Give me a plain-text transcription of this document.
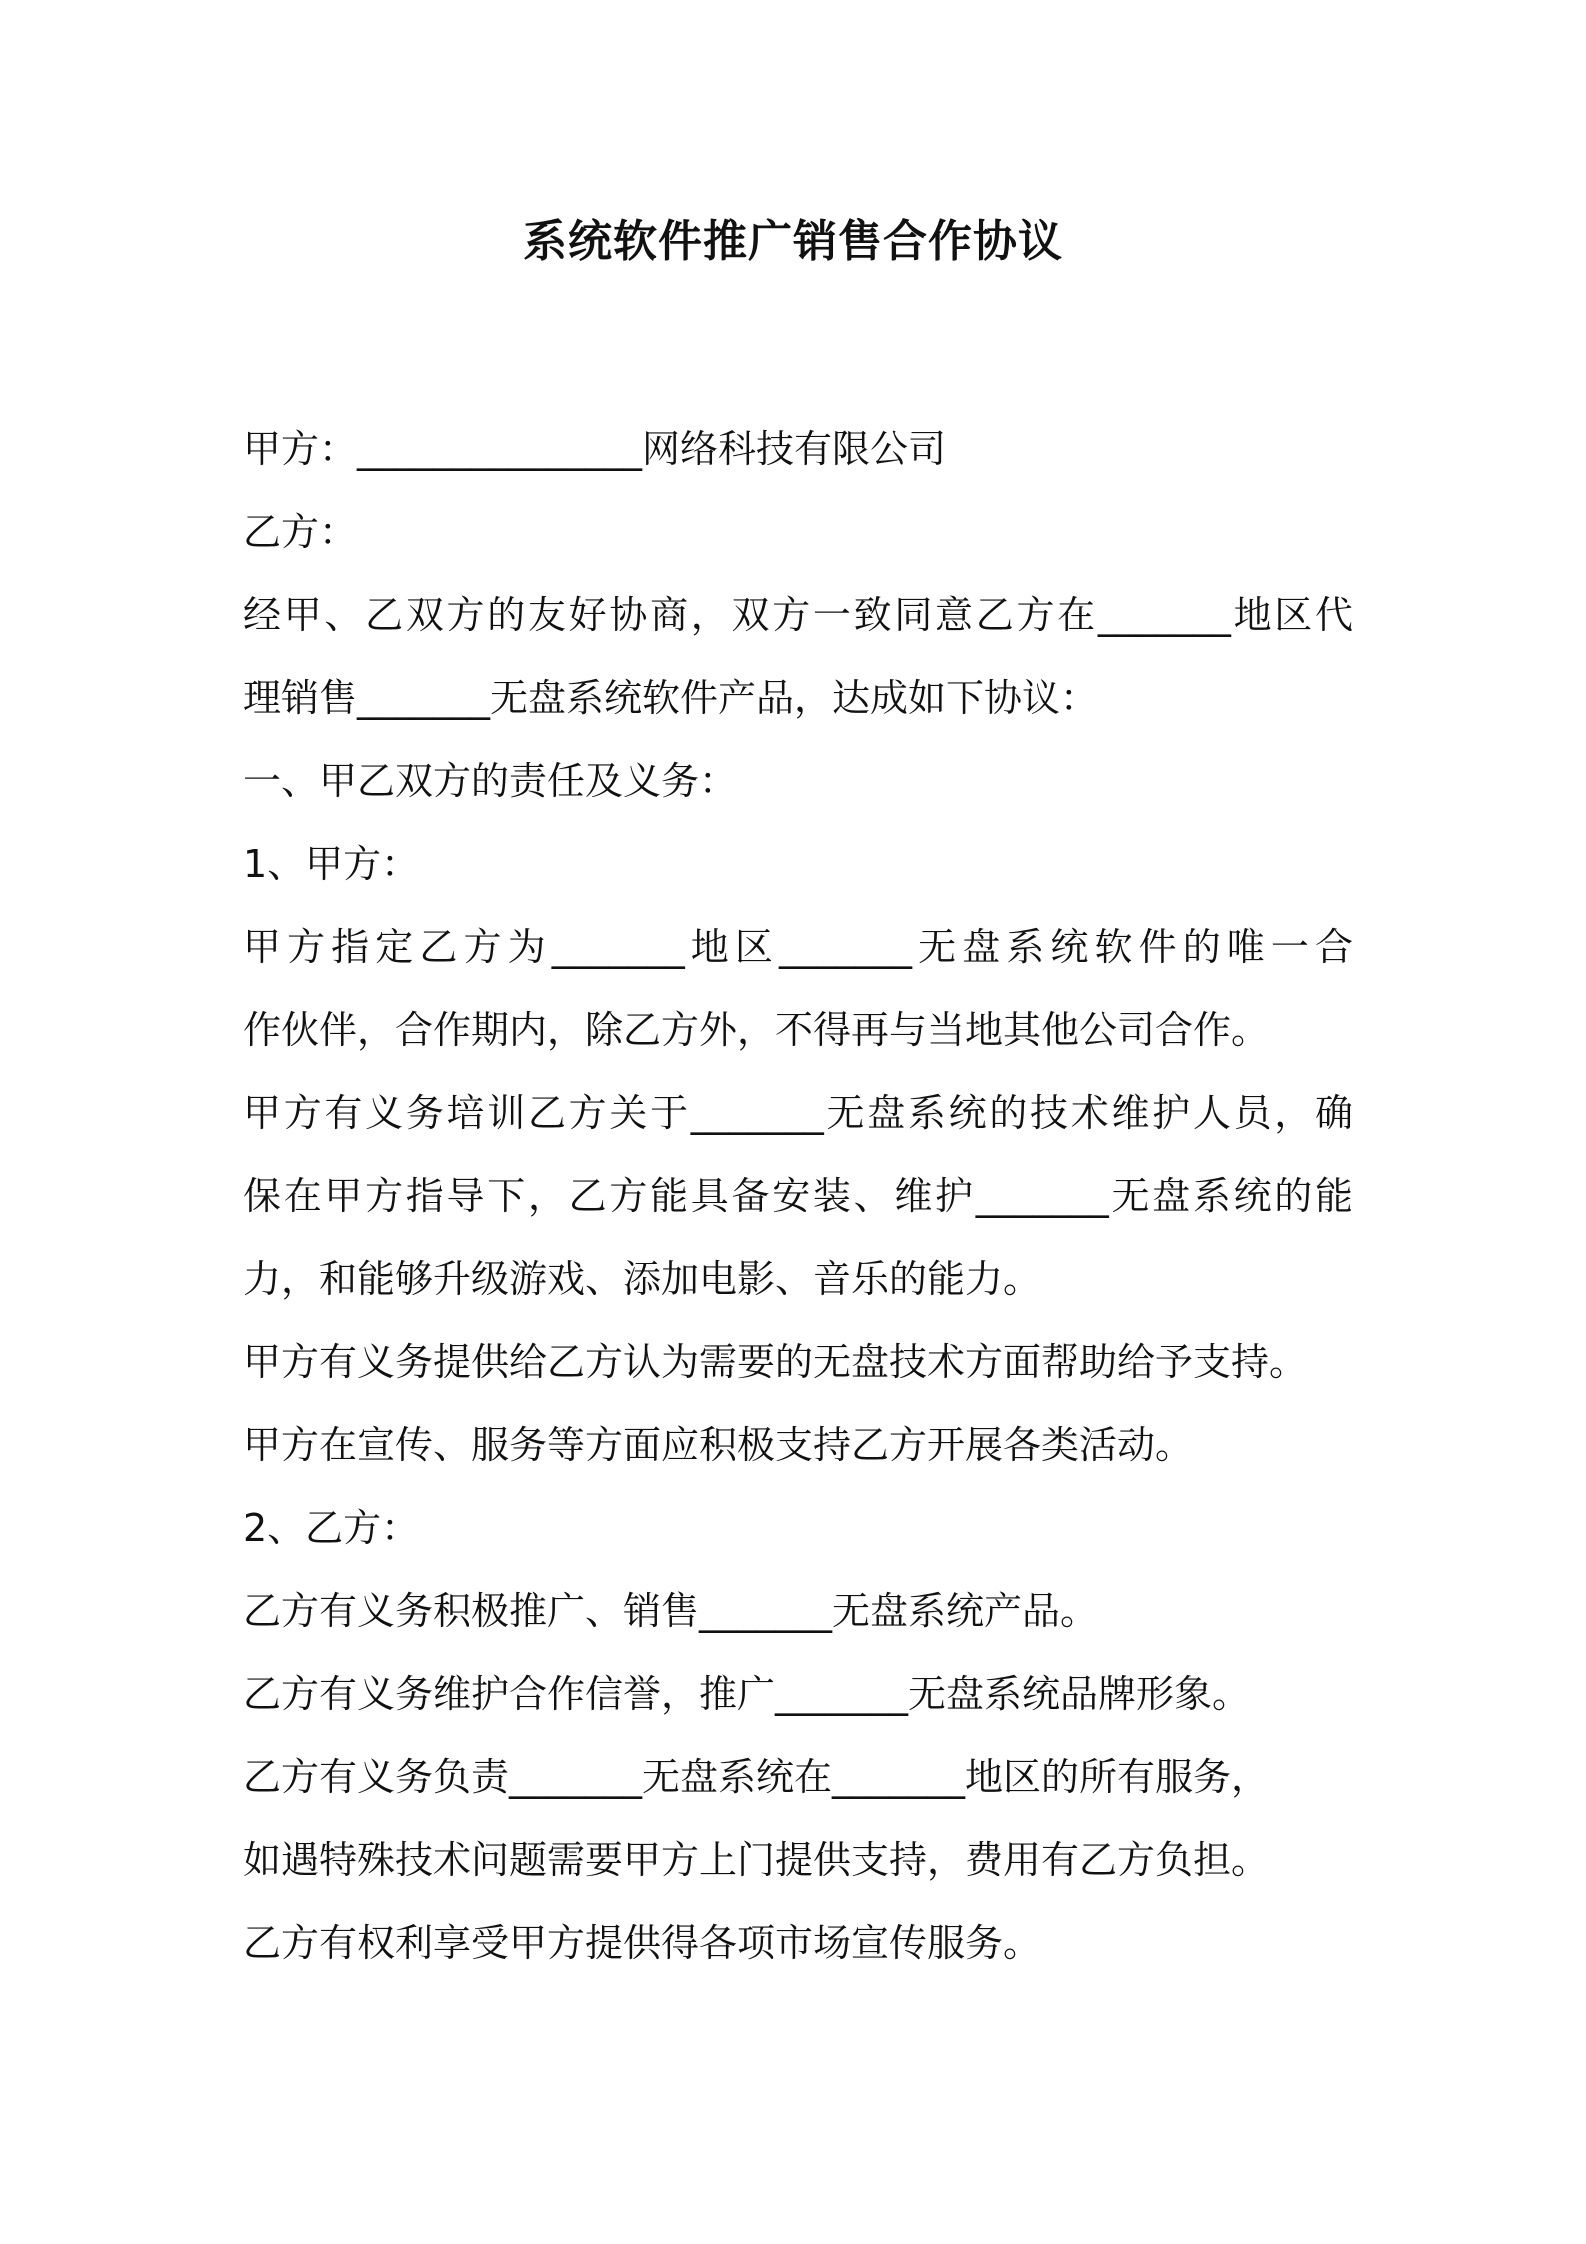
系统软件推广销售合作协议
甲方：_______________网络科技有限公司
乙方：
经甲、乙双方的友好协商，双方一致同意乙方在_______地区代
理销售_______无盘系统软件产品，达成如下协议：
一、甲乙双方的责任及义务：
1、甲方：
甲方指定乙方为_______地区_______无盘系统软件的唯一合
作伙伴，合作期内，除乙方外，不得再与当地其他公司合作。
甲方有义务培训乙方关于_______无盘系统的技术维护人员，确
保在甲方指导下，乙方能具备安装、维护_______无盘系统的能
力，和能够升级游戏、添加电影、音乐的能力。
甲方有义务提供给乙方认为需要的无盘技术方面帮助给予支持。
甲方在宣传、服务等方面应积极支持乙方开展各类活动。
2、乙方：
乙方有义务积极推广、销售_______无盘系统产品。
乙方有义务维护合作信誉，推广_______无盘系统品牌形象。
乙方有义务负责_______无盘系统在_______地区的所有服务，
如遇特殊技术问题需要甲方上门提供支持，费用有乙方负担。
乙方有权利享受甲方提供得各项市场宣传服务。
